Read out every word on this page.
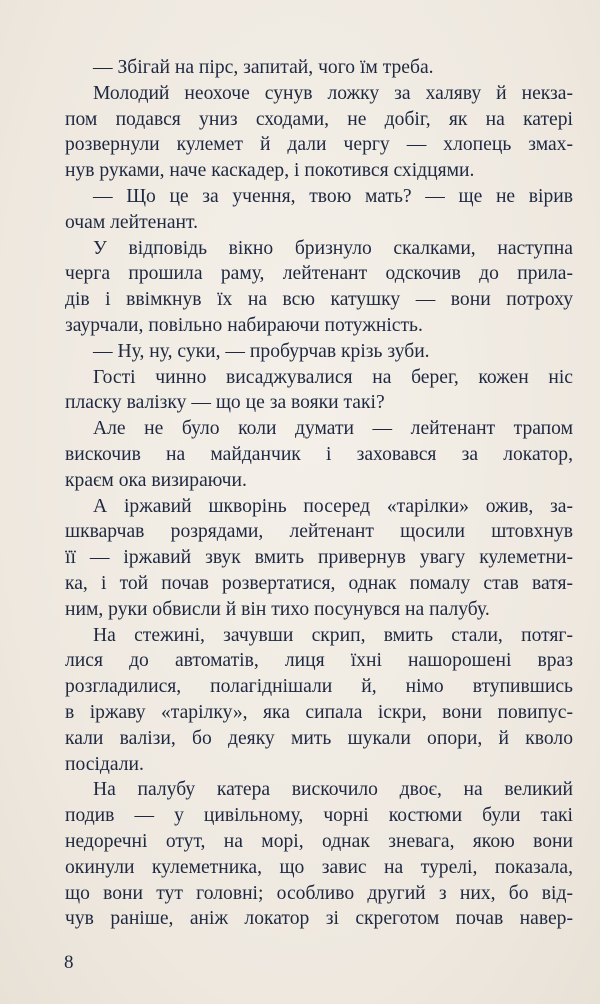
— Збігай на пірс, запитай, чого їм треба.
Молодий неохоче сунув ложку за халяву й некза-
пом подався униз сходами, не добіг, як на катері
розвернули кулемет й дали чергу — хлопець змах-
нув руками, наче каскадер, і покотився східцями.
— Що це за учення, твою мать? — ще не вірив
очам лейтенант.
У відповідь вікно бризнуло скалками, наступна
черга прошила раму, лейтенант одскочив до прила-
дів і ввімкнув їх на всю катушку — вони потроху
заурчали, повільно набираючи потужність.
— Ну, ну, суки, — пробурчав крізь зуби.
Гості чинно висаджувалися на берег, кожен ніс
пласку валізку — що це за вояки такі?
Але не було коли думати — лейтенант трапом
вискочив на майданчик і заховався за локатор,
краєм ока визираючи.
А іржавий шкворінь посеред «тарілки» ожив, за-
шкварчав розрядами, лейтенант щосили штовхнув
її — іржавий звук вмить привернув увагу кулеметни-
ка, і той почав розвертатися, однак помалу став ватя-
ним, руки обвисли й він тихо посунувся на палубу.
На стежині, зачувши скрип, вмить стали, потяг-
лися до автоматів, лиця їхні нашорошені враз
розгладилися, полагіднішали й, німо втупившись
в іржаву «тарілку», яка сипала іскри, вони повипус-
кали валізи, бо деяку мить шукали опори, й кволо
посідали.
На палубу катера вискочило двоє, на великий
подив — у цивільному, чорні костюми були такі
недоречні отут, на морі, однак зневага, якою вони
окинули кулеметника, що завис на турелі, показала,
що вони тут головні; особливо другий з них, бо від-
чув раніше, аніж локатор зі скреготом почав навер-
8
